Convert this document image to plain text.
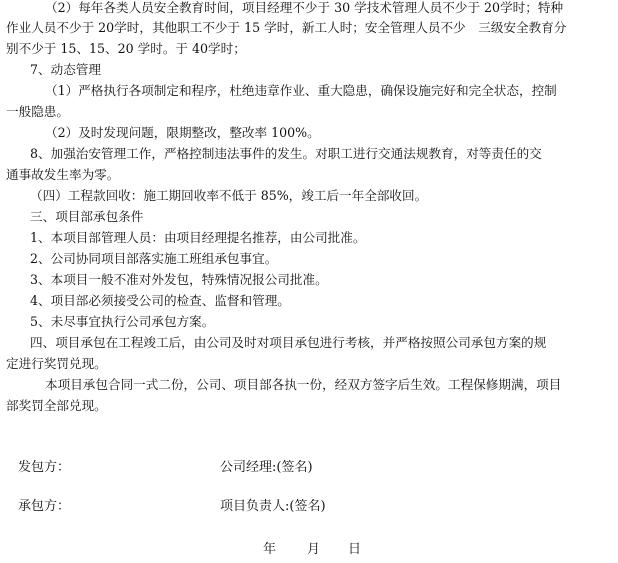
（2）每年各类人员安全教育时间，项目经理不少于 30 学技术管理人员不少于 20学时；特种
作业人员不少于 20学时，其他职工不少于 15 学时，新工人时；安全管理人员不少　三级安全教育分
别不少于 15、15、20 学时。于 40学时；
7、动态管理
（1）严格执行各项制定和程序，杜绝违章作业、重大隐患，确保设施完好和完全状态，控制
一般隐患。
（2）及时发现问题，限期整改，整改率 100%。
8、加强治安管理工作，严格控制违法事件的发生。对职工进行交通法规教育，对等责任的交
通事故发生率为零。
（四）工程款回收：施工期回收率不低于 85%，竣工后一年全部收回。
三、项目部承包条件
1、本项目部管理人员：由项目经理提名推荐，由公司批准。
2、公司协同项目部落实施工班组承包事宜。
3、本项目一般不准对外发包，特殊情况报公司批准。
4、项目部必须接受公司的检查、监督和管理。
5、未尽事宜执行公司承包方案。
四、项目承包在工程竣工后，由公司及时对项目承包进行考核，并严格按照公司承包方案的规
定进行奖罚兑现。
本项目承包合同一式二份，公司、项目部各执一份，经双方签字后生效。工程保修期满，项目
部奖罚全部兑现。
发包方：	公司经理:(签名)
承包方：	项目负责人:(签名)
年 月 日
